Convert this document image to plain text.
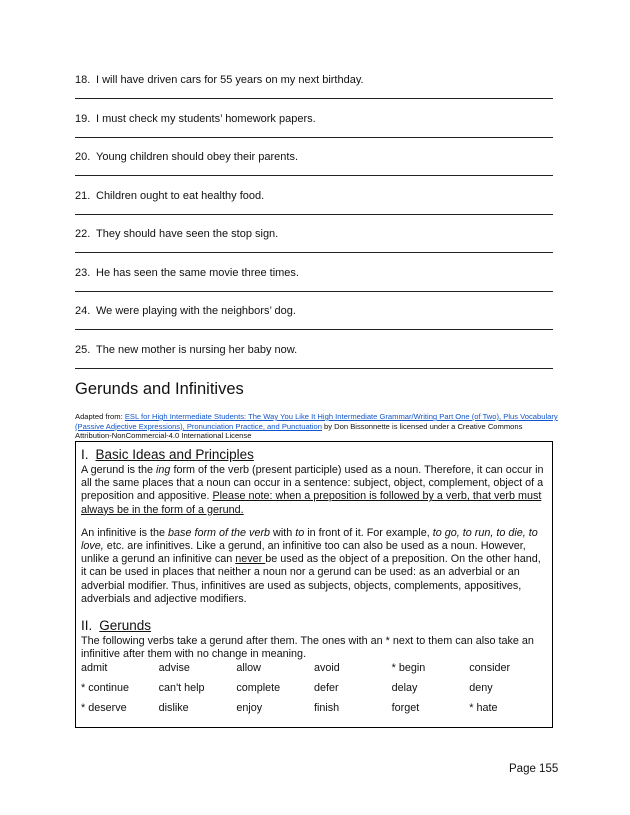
18. I will have driven cars for 55 years on my next birthday.
19. I must check my students’ homework papers.
20. Young children should obey their parents.
21. Children ought to eat healthy food.
22. They should have seen the stop sign.
23. He has seen the same movie three times.
24. We were playing with the neighbors’ dog.
25. The new mother is nursing her baby now.
Gerunds and Infinitives
Adapted from: ESL for High Intermediate Students: The Way You Like It High Intermediate Grammar/Writing Part One (of Two), Plus Vocabulary (Passive Adjective Expressions), Pronunciation Practice, and Punctuation by Don Bissonnette is licensed under a Creative Commons Attribution-NonCommercial-4.0 International License
I. Basic Ideas and Principles

A gerund is the ing form of the verb (present participle) used as a noun. Therefore, it can occur in all the same places that a noun can occur in a sentence: subject, object, complement, object of a preposition and appositive. Please note: when a preposition is followed by a verb, that verb must always be in the form of a gerund.

An infinitive is the base form of the verb with to in front of it. For example, to go, to run, to die, to love, etc. are infinitives. Like a gerund, an infinitive too can also be used as a noun. However, unlike a gerund an infinitive can never be used as the object of a preposition. On the other hand, it can be used in places that neither a noun nor a gerund can be used: as an adverbial or an adverbial modifier. Thus, infinitives are used as subjects, objects, complements, appositives, adverbials and adjective modifiers.

II. Gerunds

The following verbs take a gerund after them. The ones with an * next to them can also take an infinitive after them with no change in meaning.

admit	advise	allow	avoid	* begin	consider
* continue	can't help	complete	defer	delay	deny
* deserve	dislike	enjoy	finish	forget	* hate
Page 155
